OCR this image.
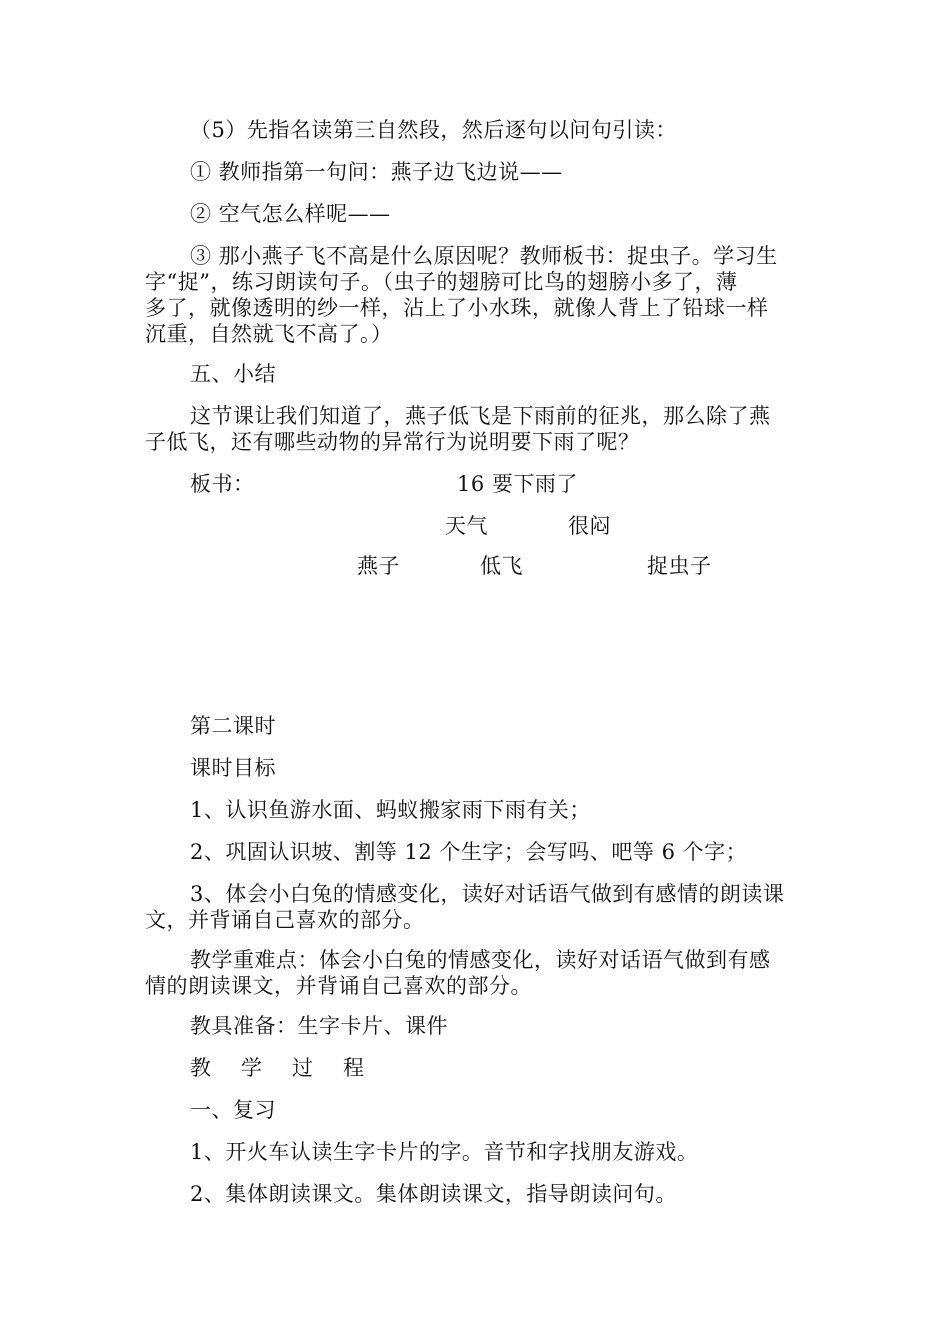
（5）先指名读第三自然段，然后逐句以问句引读：
① 教师指第一句问：燕子边飞边说——
② 空气怎么样呢——
③ 那小燕子飞不高是什么原因呢？教师板书：捉虫子。学习生
字“捉”，练习朗读句子。（虫子的翅膀可比鸟的翅膀小多了，薄
多了，就像透明的纱一样，沾上了小水珠，就像人背上了铅球一样
沉重，自然就飞不高了。）
五、小结
这节课让我们知道了，燕子低飞是下雨前的征兆，那么除了燕
子低飞，还有哪些动物的异常行为说明要下雨了呢？
板书：	16 要下雨了
天气	很闷
燕子	低飞	捉虫子
第二课时
课时目标
1、认识鱼游水面、蚂蚁搬家雨下雨有关；
2、巩固认识坡、割等 12 个生字；会写吗、吧等 6 个字；
3、体会小白兔的情感变化，读好对话语气做到有感情的朗读课
文，并背诵自己喜欢的部分。
教学重难点：体会小白兔的情感变化，读好对话语气做到有感
情的朗读课文，并背诵自己喜欢的部分。
教具准备：生字卡片、课件
教学过程
一、复习
1、开火车认读生字卡片的字。音节和字找朋友游戏。
2、集体朗读课文。集体朗读课文，指导朗读问句。
